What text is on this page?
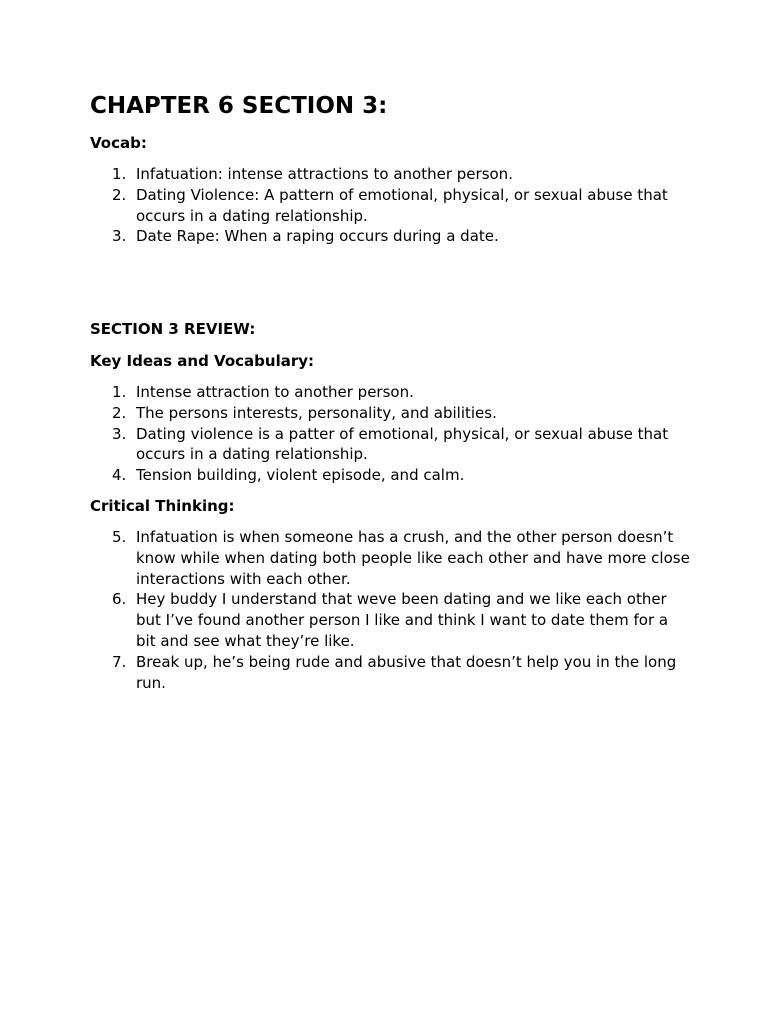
CHAPTER 6 SECTION 3:
Vocab:
1. Infatuation: intense attractions to another person.
2. Dating Violence: A pattern of emotional, physical, or sexual abuse that occurs in a dating relationship.
3. Date Rape: When a raping occurs during a date.
SECTION 3 REVIEW:
Key Ideas and Vocabulary:
1. Intense attraction to another person.
2. The persons interests, personality, and abilities.
3. Dating violence is a patter of emotional, physical, or sexual abuse that occurs in a dating relationship.
4. Tension building, violent episode, and calm.
Critical Thinking:
5. Infatuation is when someone has a crush, and the other person doesn’t know while when dating both people like each other and have more close interactions with each other.
6. Hey buddy I understand that weve been dating and we like each other but I’ve found another person I like and think I want to date them for a bit and see what they’re like.
7. Break up, he’s being rude and abusive that doesn’t help you in the long run.
